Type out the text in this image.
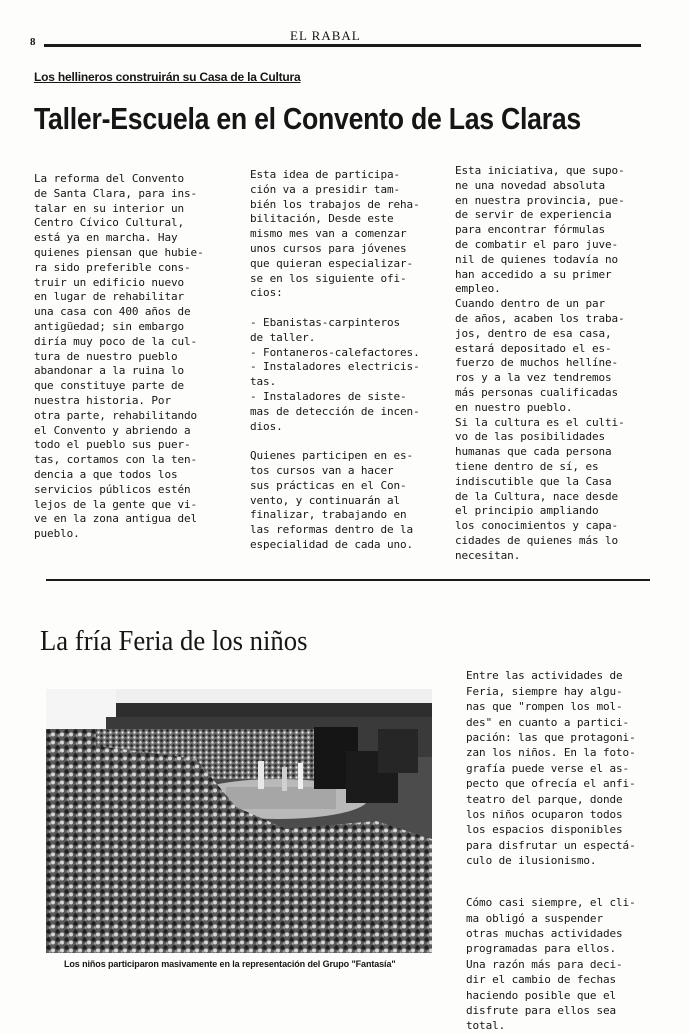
8	EL RABAL
Los hellineros construirán su Casa de la Cultura
Taller-Escuela en el Convento de Las Claras
La reforma del Convento
de Santa Clara, para ins-
talar en su interior un
Centro Cívico Cultural,
está ya en marcha. Hay
quienes piensan que hubie-
ra sido preferible cons-
truir un edificio nuevo
en lugar de rehabilitar
una casa con 400 años de
antigüedad; sin embargo
diría muy poco de la cul-
tura de nuestro pueblo
abandonar a la ruina lo
que constituye parte de
nuestra historia. Por
otra parte, rehabilitando
el Convento y abriendo a
todo el pueblo sus puer-
tas, cortamos con la ten-
dencia a que todos los
servicios públicos estén
lejos de la gente que vi-
ve en la zona antigua del
pueblo.
Esta idea de participa-
ción va a presidir tam-
bién los trabajos de reha-
bilitación, Desde este
mismo mes van a comenzar
unos cursos para jóvenes
que quieran especializar-
se en los siguiente ofi-
cios:

- Ebanistas-carpinteros
de taller.
- Fontaneros-calefactores.
- Instaladores electricis-
tas.
- Instaladores de siste-
mas de detección de incen-
dios.

Quienes participen en es-
tos cursos van a hacer
sus prácticas en el Con-
vento, y continuarán al
finalizar, trabajando en
las reformas dentro de la
especialidad de cada uno.
Esta iniciativa, que supo-
ne una novedad absoluta
en nuestra provincia, pue-
de servir de experiencia
para encontrar fórmulas
de combatir el paro juve-
nil de quienes todavía no
han accedido a su primer
empleo.
Cuando dentro de un par
de años, acaben los traba-
jos, dentro de esa casa,
estará depositado el es-
fuerzo de muchos hellíne-
ros y a la vez tendremos
más personas cualificadas
en nuestro pueblo.
Si la cultura es el culti-
vo de las posibilidades
humanas que cada persona
tiene dentro de sí, es
indiscutible que la Casa
de la Cultura, nace desde
el principio ampliando
los conocimientos y capa-
cidades de quienes más lo
necesitan.
La fría Feria de los niños
Los niños participaron masivamente en la representación del Grupo "Fantasía"

Entre las actividades de
Feria, siempre hay algu-
nas que "rompen los mol-
des" en cuanto a partici-
pación: las que protagoni-
zan los niños. En la foto-
grafía puede verse el as-
pecto que ofrecía el anfi-
teatro del parque, donde
los niños ocuparon todos
los espacios disponibles
para disfrutar un espectá-
culo de ilusionismo.

Cómo casi siempre, el cli-
ma obligó a suspender
otras muchas actividades
programadas para ellos.
Una razón más para deci-
dir el cambio de fechas
haciendo posible que el
disfrute para ellos sea
total.
